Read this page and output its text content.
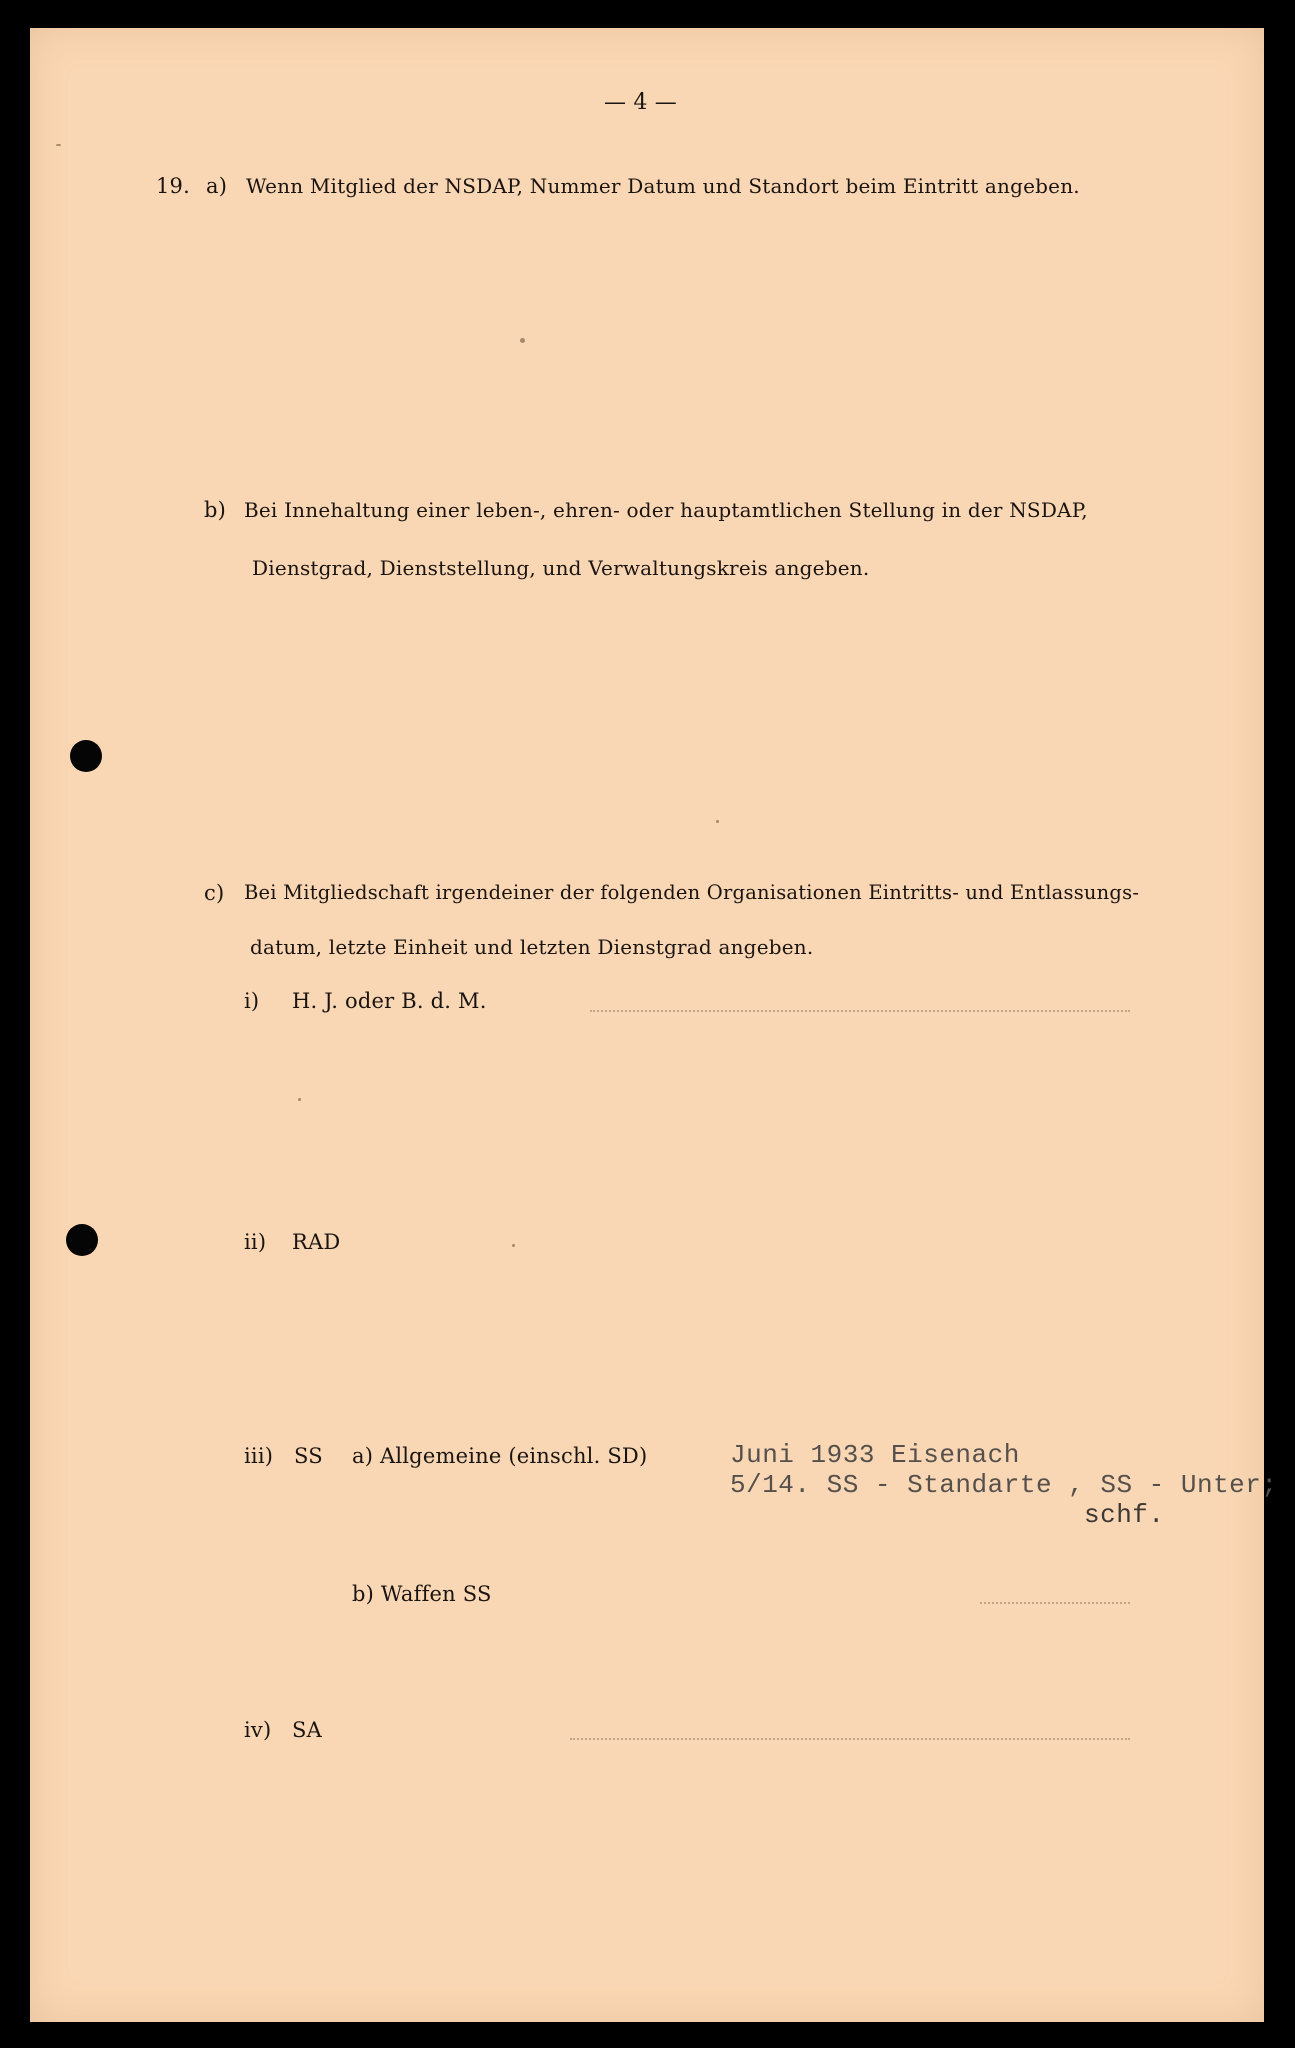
— 4 —
19. a) Wenn Mitglied der NSDAP, Nummer Datum und Standort beim Eintritt angeben.
b) Bei Innehaltung einer leben-, ehren- oder hauptamtlichen Stellung in der NSDAP,
Dienstgrad, Dienststellung, und Verwaltungskreis angeben.
c) Bei Mitgliedschaft irgendeiner der folgenden Organisationen Eintritts- und Entlassungs-
datum, letzte Einheit und letzten Dienstgrad angeben.
i) H. J. oder B. d. M.
ii) RAD
iii) SS a) Allgemeine (einschl. SD)
b) Waffen SS
iv) SA
Juni 1933 Eisenach
5/14. SS - Standarte , SS - Unter;
schf.
